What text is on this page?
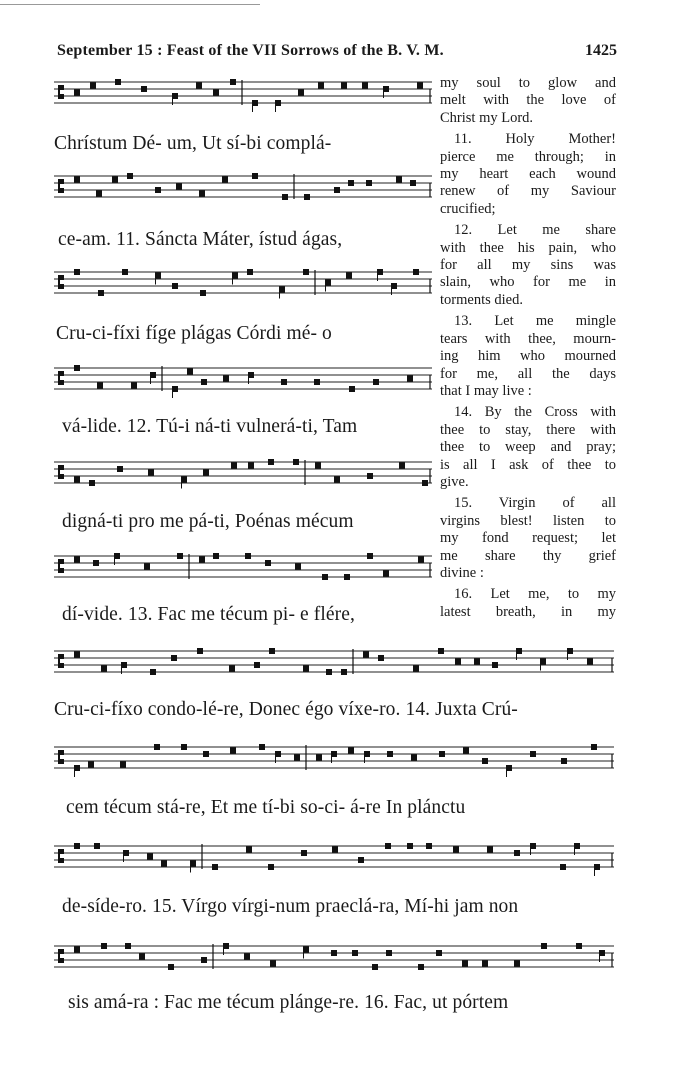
September 15 : Feast of the VII Sorrows of the B. V. M.	1425
Chrístum Dé- um, Ut sí-bi complá-
ce-am. 11. Sáncta Máter, ístud ágas,
Cru-ci-fíxi fíge plágas Córdi mé- o
vá-lide. 12. Tú-i ná-ti vulnerá-ti, Tam
digná-ti pro me pá-ti, Poénas mécum
dí-vide. 13. Fac me técum pi- e flére,
Cru-ci-fíxo condo-lé-re, Donec égo víxe-ro. 14. Juxta Crú-
cem técum stá-re, Et me tí-bi so-ci- á-re In plánctu
de-síde-ro. 15. Vírgo vírgi-num praeclá-ra, Mí-hi jam non
sis amá-ra : Fac me técum plánge-re. 16. Fac, ut pórtem

my soul to glow and
melt with the love of
Christ my Lord.

11. Holy Mother!
pierce me through; in
my heart each wound
renew of my Saviour
crucified;

12. Let me share
with thee his pain, who
for all my sins was
slain, who for me in
torments died.

13. Let me mingle
tears with thee, mourn-
ing him who mourned
for me, all the days
that I may live :

14. By the Cross with
thee to stay, there with
thee to weep and pray;
is all I ask of thee to
give.

15. Virgin of all
virgins blest! listen to
my fond request; let
me share thy grief
divine :

16. Let me, to my
latest breath, in my
